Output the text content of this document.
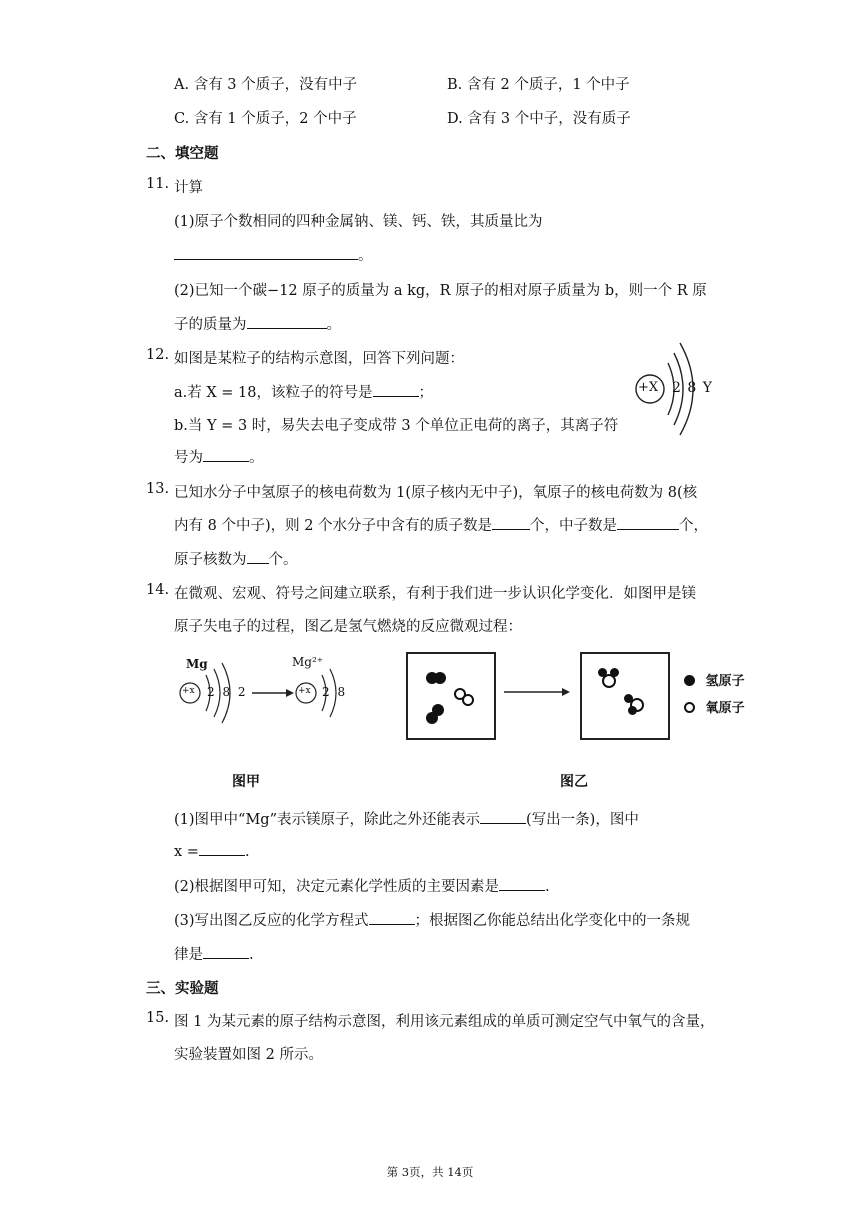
A. 含有 3 个质子，没有中子	B. 含有 2 个质子，1 个中子
C. 含有 1 个质子，2 个中子	D. 含有 3 个中子，没有质子
二、填空题
11. 计算
(1)原子个数相同的四种金属钠、镁、钙、铁，其质量比为
。
(2)已知一个碳−12 原子的质量为 a kg，R 原子的相对原子质量为 b，则一个 R 原
子的质量为	。
12. 如图是某粒子的结构示意图，回答下列问题：
a.若 X = 18，该粒子的符号是	；
b.当 Y = 3 时，易失去电子变成带 3 个单位正电荷的离子，其离子符
号为	。
+X 2 8 Y
13. 已知水分子中氢原子的核电荷数为 1(原子核内无中子)，氧原子的核电荷数为 8(核
内有 8 个中子)，则 2 个水分子中含有的质子数是	个，中子数是	个，
原子核数为 个。
14. 在微观、宏观、符号之间建立联系，有利于我们进一步认识化学变化．如图甲是镁
原子失电子的过程，图乙是氢气燃烧的反应微观过程：
Mg	Mg²⁺
+x 2 8 2	+x 2 8
图甲
氢原子
氧原子
图乙
(1)图甲中“Mg”表示镁原子，除此之外还能表示	(写出一条)，图中
x =	.
(2)根据图甲可知，决定元素化学性质的主要因素是	.
(3)写出图乙反应的化学方程式	；根据图乙你能总结出化学变化中的一条规
律是	.
三、实验题
15. 图 1 为某元素的原子结构示意图，利用该元素组成的单质可测定空气中氧气的含量，
实验装置如图 2 所示。
第 3页，共 14页
